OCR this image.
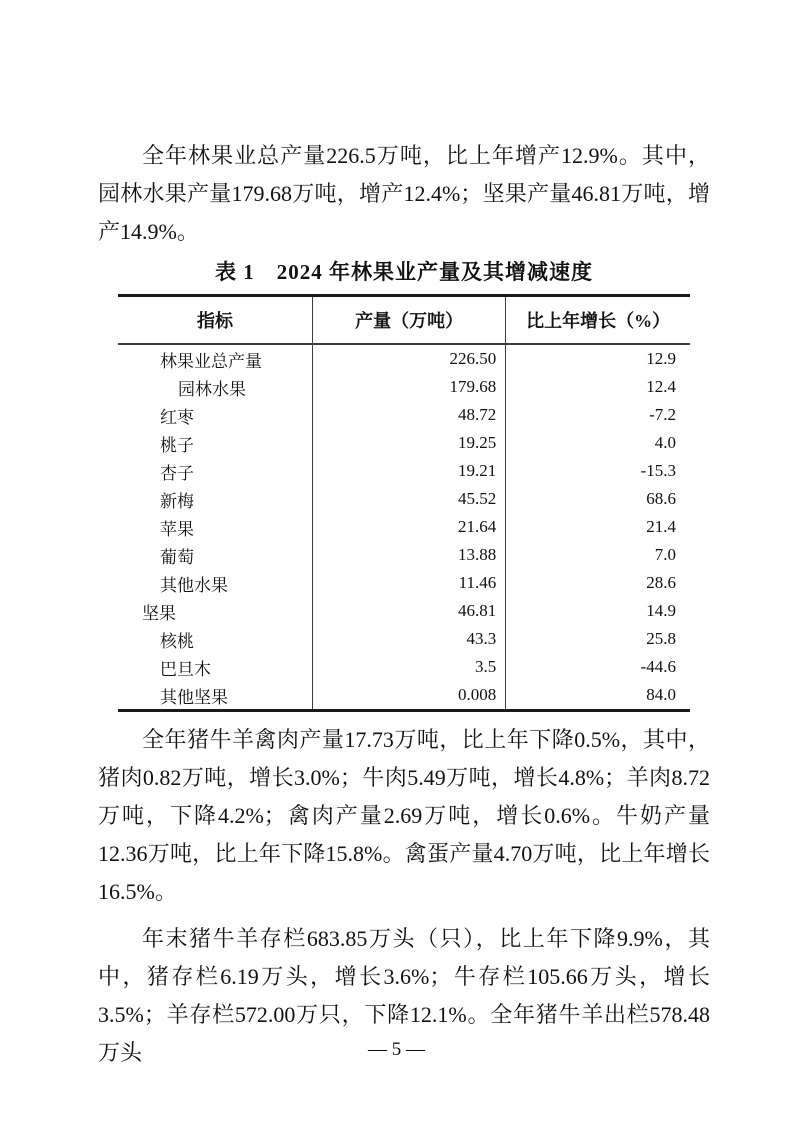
全年林果业总产量226.5万吨，比上年增产12.9%。其中，园林水果产量179.68万吨，增产12.4%；坚果产量46.81万吨，增产14.9%。

表 1　2024 年林果业产量及其增减速度
指标	产量（万吨）	比上年增长（%）
林果业总产量	226.50	12.9
园林水果	179.68	12.4
红枣	48.72	-7.2
桃子	19.25	4.0
杏子	19.21	-15.3
新梅	45.52	68.6
苹果	21.64	21.4
葡萄	13.88	7.0
其他水果	11.46	28.6
坚果	46.81	14.9
核桃	43.3	25.8
巴旦木	3.5	-44.6
其他坚果	0.008	84.0

全年猪牛羊禽肉产量17.73万吨，比上年下降0.5%，其中，猪肉0.82万吨，增长3.0%；牛肉5.49万吨，增长4.8%；羊肉8.72万吨，下降4.2%；禽肉产量2.69万吨，增长0.6%。牛奶产量12.36万吨，比上年下降15.8%。禽蛋产量4.70万吨，比上年增长16.5%。

年末猪牛羊存栏683.85万头（只），比上年下降9.9%，其中，猪存栏6.19万头，增长3.6%；牛存栏105.66万头，增长3.5%；羊存栏572.00万只，下降12.1%。全年猪牛羊出栏578.48万头	— 5 —
